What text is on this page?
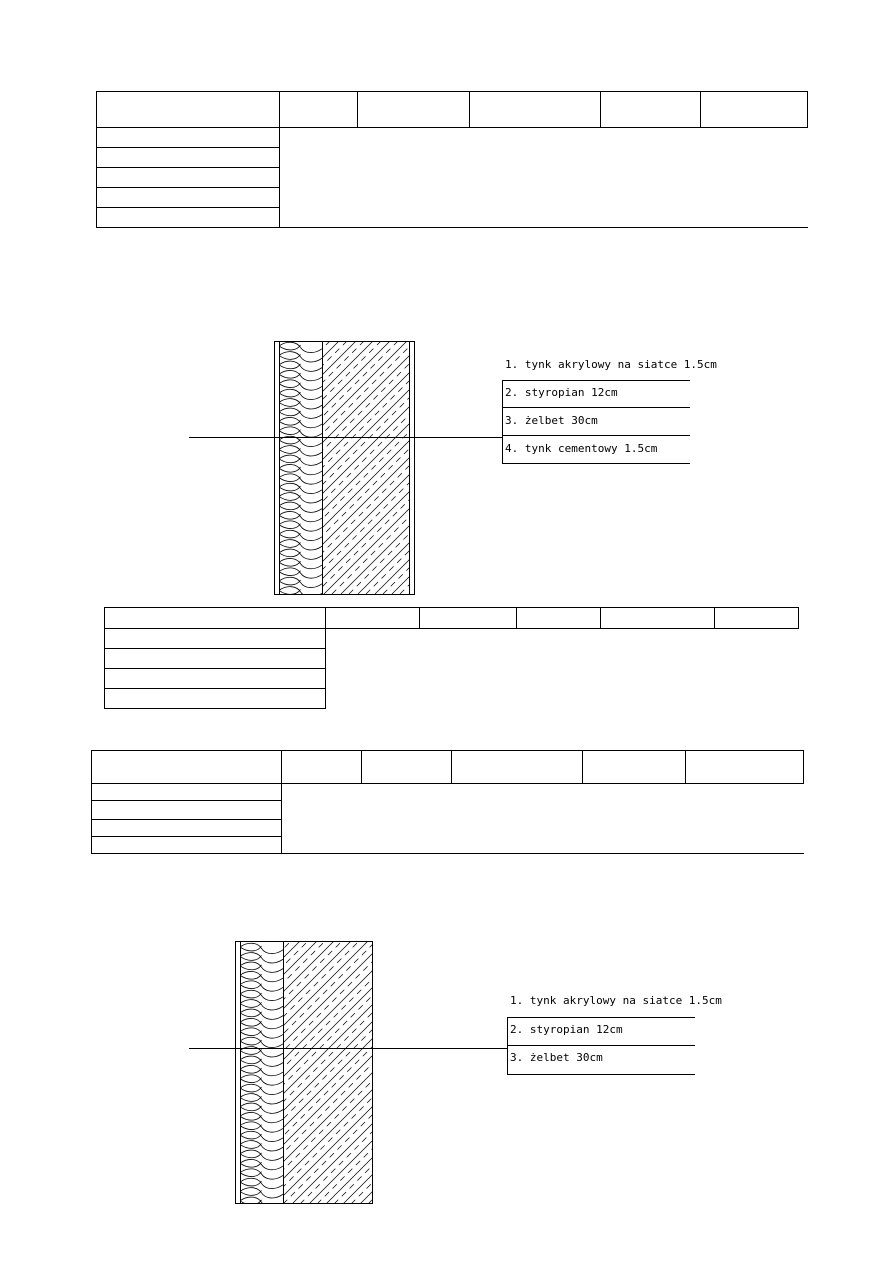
1. tynk akrylowy na siatce 1.5cm
2. styropian 12cm
3. żelbet 30cm
4. tynk cementowy 1.5cm
1. tynk akrylowy na siatce 1.5cm
2. styropian 12cm
3. żelbet 30cm
